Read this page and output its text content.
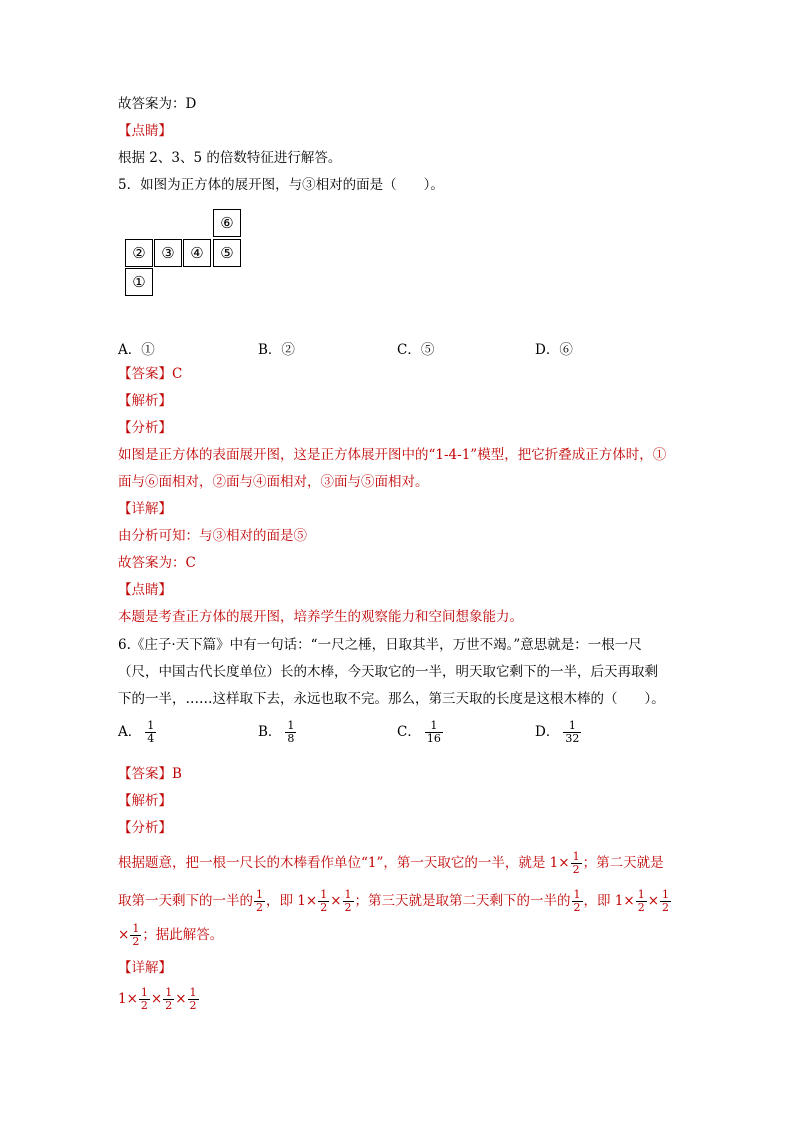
故答案为：D
【点睛】
根据 2、3、5 的倍数特征进行解答。
5．如图为正方体的展开图，与③相对的面是（　　）。
⑥
②	③	④	⑤
①
A．①	B．②	C．⑤	D．⑥
【答案】C
【解析】
【分析】
如图是正方体的表面展开图，这是正方体展开图中的“1-4-1”模型，把它折叠成正方体时，①
面与⑥面相对，②面与④面相对，③面与⑤面相对。
【详解】
由分析可知：与③相对的面是⑤
故答案为：C
【点睛】
本题是考查正方体的展开图，培养学生的观察能力和空间想象能力。
6.《庄子·天下篇》中有一句话：“一尺之棰，日取其半，万世不竭。”意思就是：一根一尺
（尺，中国古代长度单位）长的木棒，今天取它的一半，明天取它剩下的一半，后天再取剩
下的一半，……这样取下去，永远也取不完。那么，第三天取的长度是这根木棒的（　　）。
A． $\frac{1}{4}$	B． $\frac{1}{8}$	C． $\frac{1}{16}$	D． $\frac{1}{32}$
【答案】B
【解析】
【分析】
根据题意，把一根一尺长的木棒看作单位“1”，第一天取它的一半，就是 $1\times \frac{1}{2}$ ；第二天就是
取第一天剩下的一半的 $\frac{1}{2}$ ，即 $1\times \frac{1}{2} \times \frac{1}{2}$ ；第三天就是取第二天剩下的一半的 $\frac{1}{2}$ ，即 $1\times \frac{1}{2} \times \frac{1}{2}$
× $\frac{1}{2}$ ；据此解答。
【详解】
$1\times \frac{1}{2} \times \frac{1}{2} \times \frac{1}{2}$
